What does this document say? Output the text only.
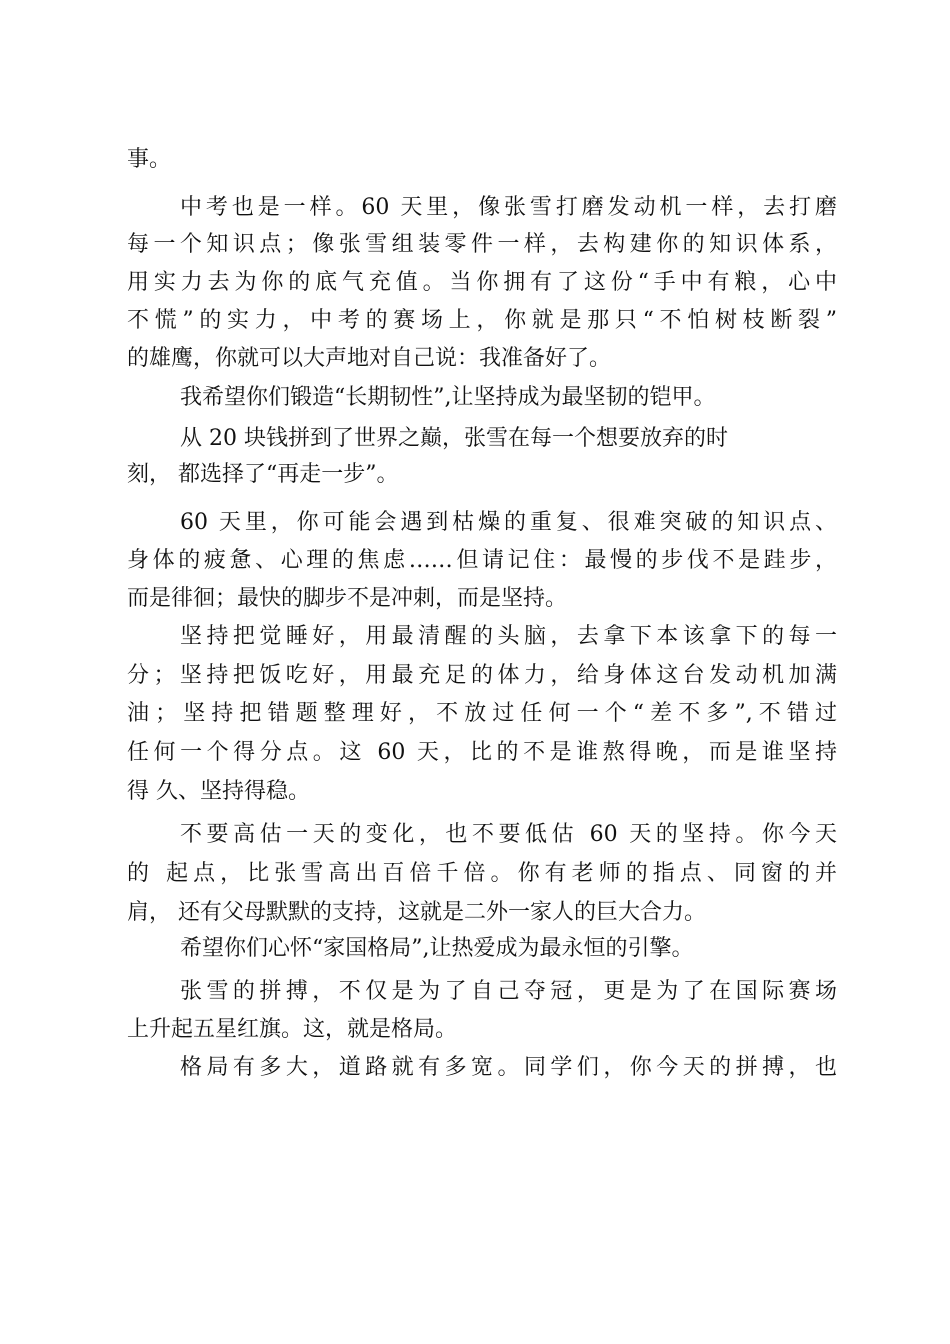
事。
中考也是一样。60 天里，像张雪打磨发动机一样，去打磨
每一个知识点；像张雪组装零件一样，去构建你的知识体系，
用实力去为你的底气充值。当你拥有了这份“手中有粮，心中
不慌”的实力，中考的赛场上，你就是那只“不怕树枝断裂”
的雄鹰，你就可以大声地对自己说：我准备好了。
我希望你们锻造“长期韧性”,让坚持成为最坚韧的铠甲。
从 20 块钱拼到了世界之巅，张雪在每一个想要放弃的时
刻， 都选择了“再走一步”。
60 天里，你可能会遇到枯燥的重复、很难突破的知识点、
身体的疲惫、心理的焦虑……但请记住：最慢的步伐不是跬步，
而是徘徊；最快的脚步不是冲刺，而是坚持。
坚持把觉睡好，用最清醒的头脑，去拿下本该拿下的每一
分；坚持把饭吃好，用最充足的体力，给身体这台发动机加满
油；坚持把错题整理好，不放过任何一个“差不多”,不错过
任何一个得分点。这 60 天，比的不是谁熬得晚，而是谁坚持
得 久、坚持得稳。
不要高估一天的变化，也不要低估 60 天的坚持。你今天
的 起点，比张雪高出百倍千倍。你有老师的指点、同窗的并
肩， 还有父母默默的支持，这就是二外一家人的巨大合力。
希望你们心怀“家国格局”,让热爱成为最永恒的引擎。
张雪的拼搏，不仅是为了自己夺冠，更是为了在国际赛场
上升起五星红旗。这，就是格局。
格局有多大，道路就有多宽。同学们，你今天的拼搏，也
